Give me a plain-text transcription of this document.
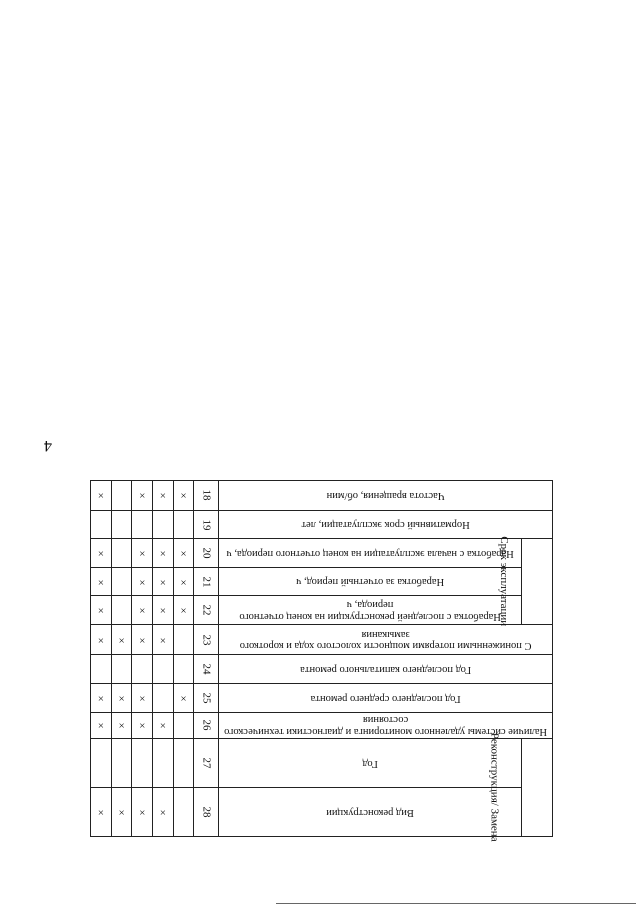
4
Реконструкция/ Замена	Вид реконструкции	28		×	×	×	×
	Год	27					
Наличие системы удаленного мониторинга и диагностики технического состояния		26		×	×	×	×
Год последнего среднего ремонта		25	×		×	×	×
Год последнего капитального ремонта		24					
С пониженными потерями мощности холостого хода и короткого замыкания		23		×	×	×	×
Срок эксплуатации	Наработка с последней реконструкции на конец отчетного периода, ч	22	×	×	×		×
	Наработка за отчетный период, ч	21	×	×	×		×
	Наработка с начала эксплуатации на конец отчетного периода, ч	20	×	×	×		×
Нормативный срок эксплуатации, лет		19					
Частота вращения, об/мин		18	×	×	×		×
